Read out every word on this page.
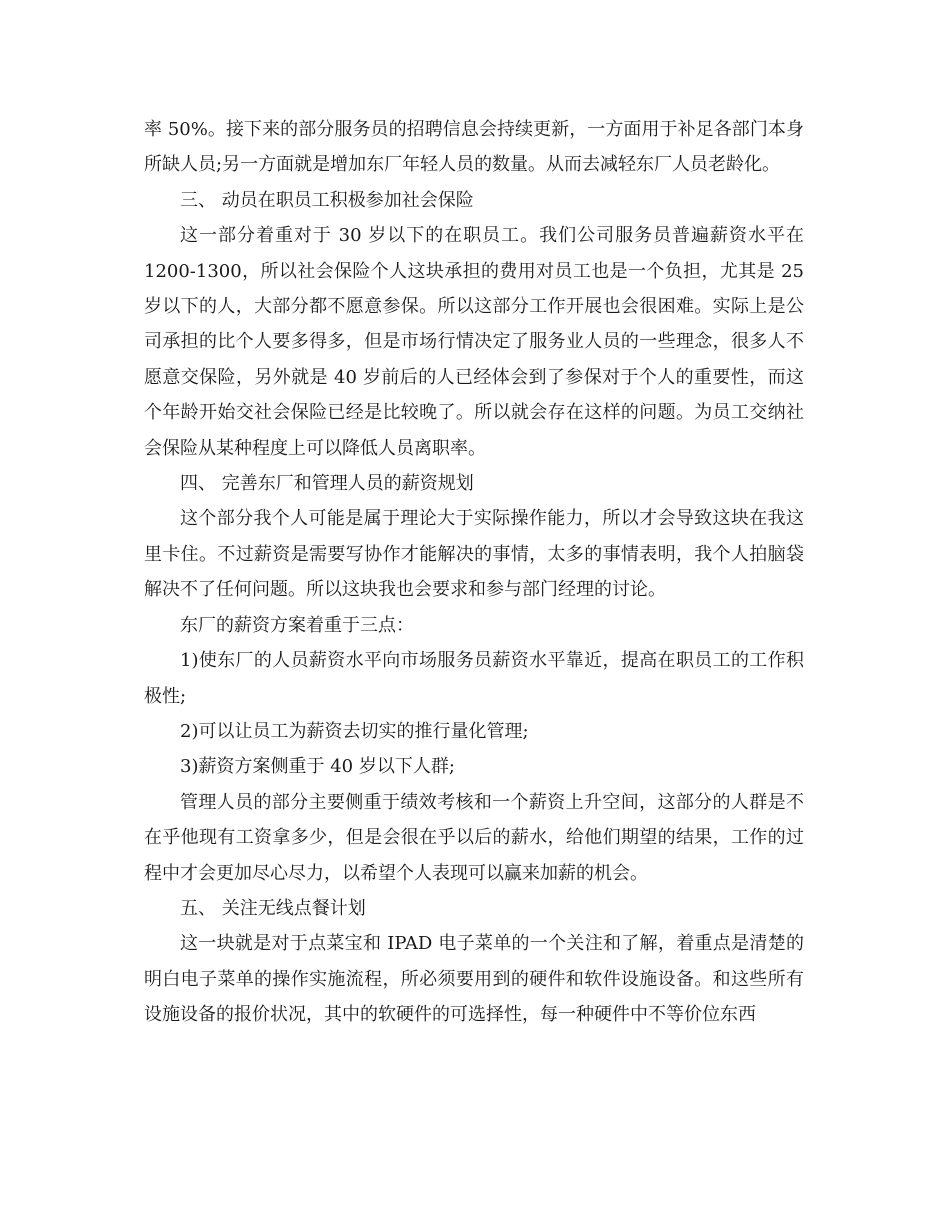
率 50%。接下来的部分服务员的招聘信息会持续更新，一方面用于补足各部门本身所缺人员;另一方面就是增加东厂年轻人员的数量。从而去减轻东厂人员老龄化。

三、 动员在职员工积极参加社会保险

这一部分着重对于 30 岁以下的在职员工。我们公司服务员普遍薪资水平在 1200-1300，所以社会保险个人这块承担的费用对员工也是一个负担，尤其是 25 岁以下的人，大部分都不愿意参保。所以这部分工作开展也会很困难。实际上是公司承担的比个人要多得多，但是市场行情决定了服务业人员的一些理念，很多人不愿意交保险，另外就是 40 岁前后的人已经体会到了参保对于个人的重要性，而这个年龄开始交社会保险已经是比较晚了。所以就会存在这样的问题。为员工交纳社会保险从某种程度上可以降低人员离职率。

四、 完善东厂和管理人员的薪资规划

这个部分我个人可能是属于理论大于实际操作能力，所以才会导致这块在我这里卡住。不过薪资是需要写协作才能解决的事情，太多的事情表明，我个人拍脑袋解决不了任何问题。所以这块我也会要求和参与部门经理的讨论。

东厂的薪资方案着重于三点：

1)使东厂的人员薪资水平向市场服务员薪资水平靠近，提高在职员工的工作积极性;

2)可以让员工为薪资去切实的推行量化管理;

3)薪资方案侧重于 40 岁以下人群;

管理人员的部分主要侧重于绩效考核和一个薪资上升空间，这部分的人群是不在乎他现有工资拿多少，但是会很在乎以后的薪水，给他们期望的结果，工作的过程中才会更加尽心尽力，以希望个人表现可以赢来加薪的机会。

五、 关注无线点餐计划

这一块就是对于点菜宝和 IPAD 电子菜单的一个关注和了解，着重点是清楚的明白电子菜单的操作实施流程，所必须要用到的硬件和软件设施设备。和这些所有设施设备的报价状况，其中的软硬件的可选择性，每一种硬件中不等价位东西
